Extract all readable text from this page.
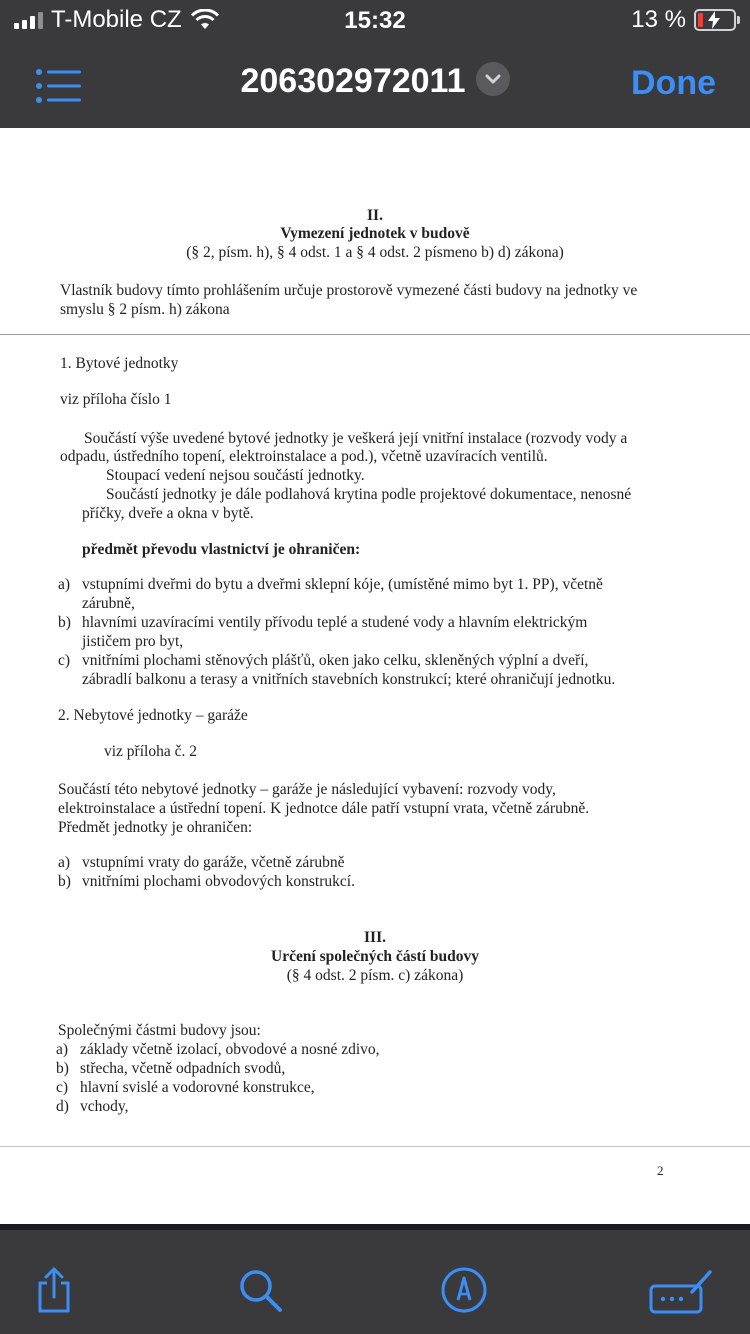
T-Mobile CZ	15:32	13 %
206302972011	Done
II.
Vymezení jednotek v budově
(§ 2, písm. h), § 4 odst. 1 a § 4 odst. 2 písmeno b) d) zákona)
Vlastník budovy tímto prohlášením určuje prostorově vymezené části budovy na jednotky ve
smyslu § 2 písm. h) zákona
1. Bytové jednotky
viz příloha číslo 1
Součástí výše uvedené bytové jednotky je veškerá její vnitřní instalace (rozvody vody a
odpadu, ústředního topení, elektroinstalace a pod.), včetně uzavíracích ventilů.
Stoupací vedení nejsou součástí jednotky.
Součástí jednotky je dále podlahová krytina podle projektové dokumentace, nenosné
příčky, dveře a okna v bytě.
předmět převodu vlastnictví je ohraničen:
a) vstupními dveřmi do bytu a dveřmi sklepní kóje, (umístěné mimo byt 1. PP), včetně
zárubně,
b) hlavními uzavíracími ventily přívodu teplé a studené vody a hlavním elektrickým
jističem pro byt,
c) vnitřními plochami stěnových plášťů, oken jako celku, skleněných výplní a dveří,
zábradlí balkonu a terasy a vnitřních stavebních konstrukcí; které ohraničují jednotku.
2. Nebytové jednotky – garáže
viz příloha č. 2
Součástí této nebytové jednotky – garáže je následující vybavení: rozvody vody,
elektroinstalace a ústřední topení. K jednotce dále patří vstupní vrata, včetně zárubně.
Předmět jednotky je ohraničen:
a) vstupními vraty do garáže, včetně zárubně
b) vnitřními plochami obvodových konstrukcí.
III.
Určení společných částí budovy
(§ 4 odst. 2 písm. c) zákona)
Společnými částmi budovy jsou:
a) základy včetně izolací, obvodové a nosné zdivo,
b) střecha, včetně odpadních svodů,
c) hlavní svislé a vodorovné konstrukce,
d) vchody,
2
